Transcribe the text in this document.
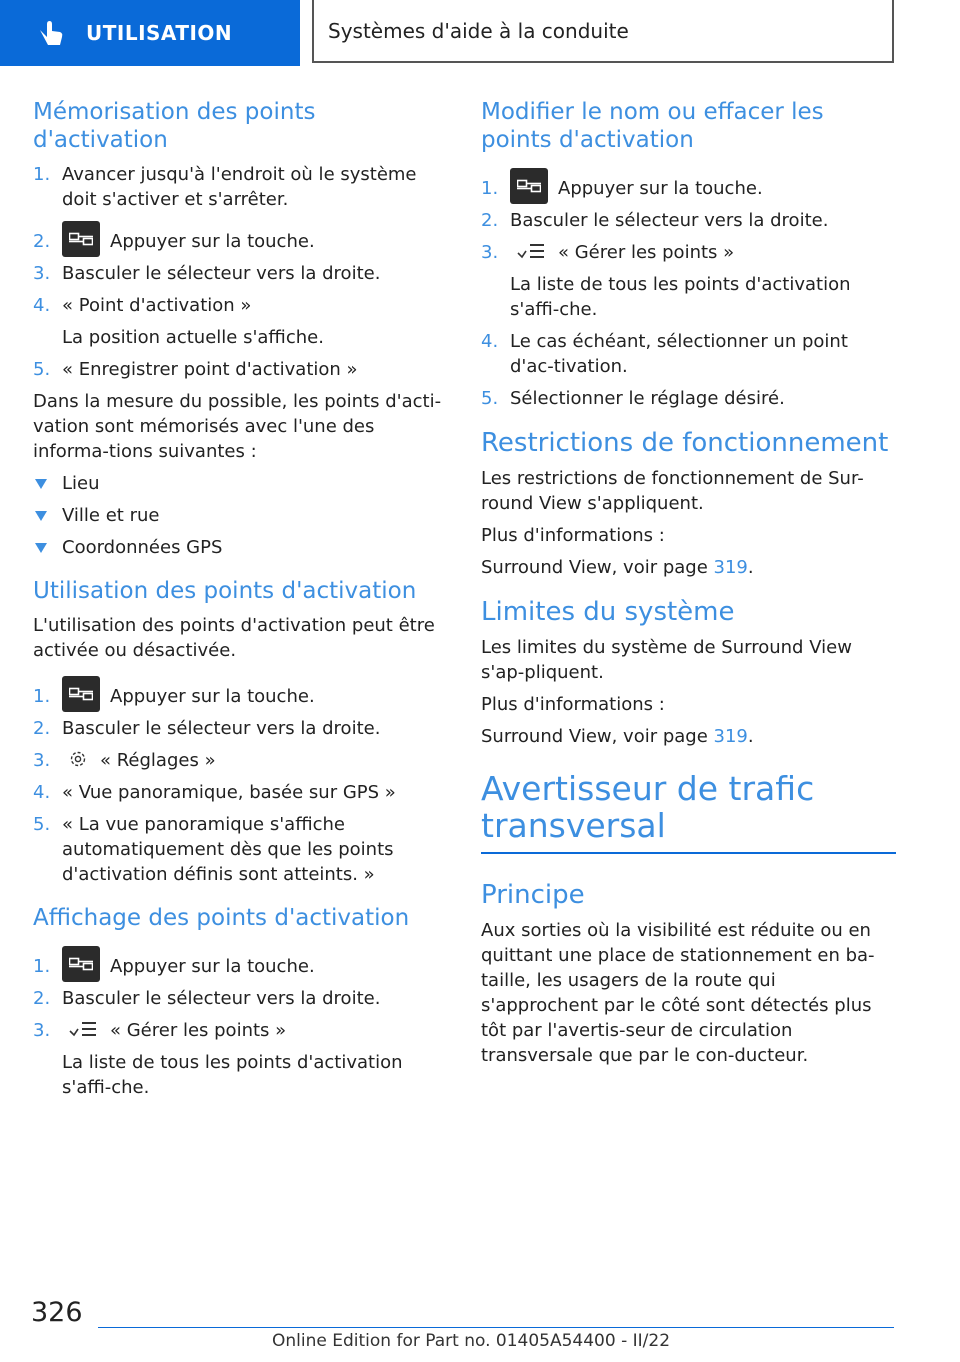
UTILISATION	Systèmes d'aide à la conduite
Mémorisation des points d'activation
1. Avancer jusqu'à l'endroit où le système doit s'activer et s'arrêter.
2.	Appuyer sur la touche.
3. Basculer le sélecteur vers la droite.
4. « Point d'activation »
La position actuelle s'affiche.
5. « Enregistrer point d'activation »

Dans la mesure du possible, les points d'acti-vation sont mémorisés avec l'une des informa-tions suivantes :

Lieu
Ville et rue
Coordonnées GPS
Utilisation des points d'activation

L'utilisation des points d'activation peut être activée ou désactivée.

1.	Appuyer sur la touche.
2. Basculer le sélecteur vers la droite.
3.	« Réglages »
4. « Vue panoramique, basée sur GPS »
5. « La vue panoramique s'affiche automatiquement dès que les points d'activation définis sont atteints. »
Affichage des points d'activation
1.	Appuyer sur la touche.
2. Basculer le sélecteur vers la droite.
3.	« Gérer les points »
La liste de tous les points d'activation s'affi-che.
Modifier le nom ou effacer les points d'activation
1.	Appuyer sur la touche.
2. Basculer le sélecteur vers la droite.
3.	« Gérer les points »
La liste de tous les points d'activation s'affi-che.
4. Le cas échéant, sélectionner un point d'ac-tivation.
5. Sélectionner le réglage désiré.
Restrictions de fonctionnement

Les restrictions de fonctionnement de Sur-round View s'appliquent.

Plus d'informations :

Surround View, voir page 319.

Limites du système

Les limites du système de Surround View s'ap-pliquent.

Plus d'informations :

Surround View, voir page 319.

Avertisseur de trafic transversal
Principe

Aux sorties où la visibilité est réduite ou en quittant une place de stationnement en ba-taille, les usagers de la route qui s'approchent par le côté sont détectés plus tôt par l'avertis-seur de circulation transversale que par le con-ducteur.

326
Online Edition for Part no. 01405A54400 - II/22
